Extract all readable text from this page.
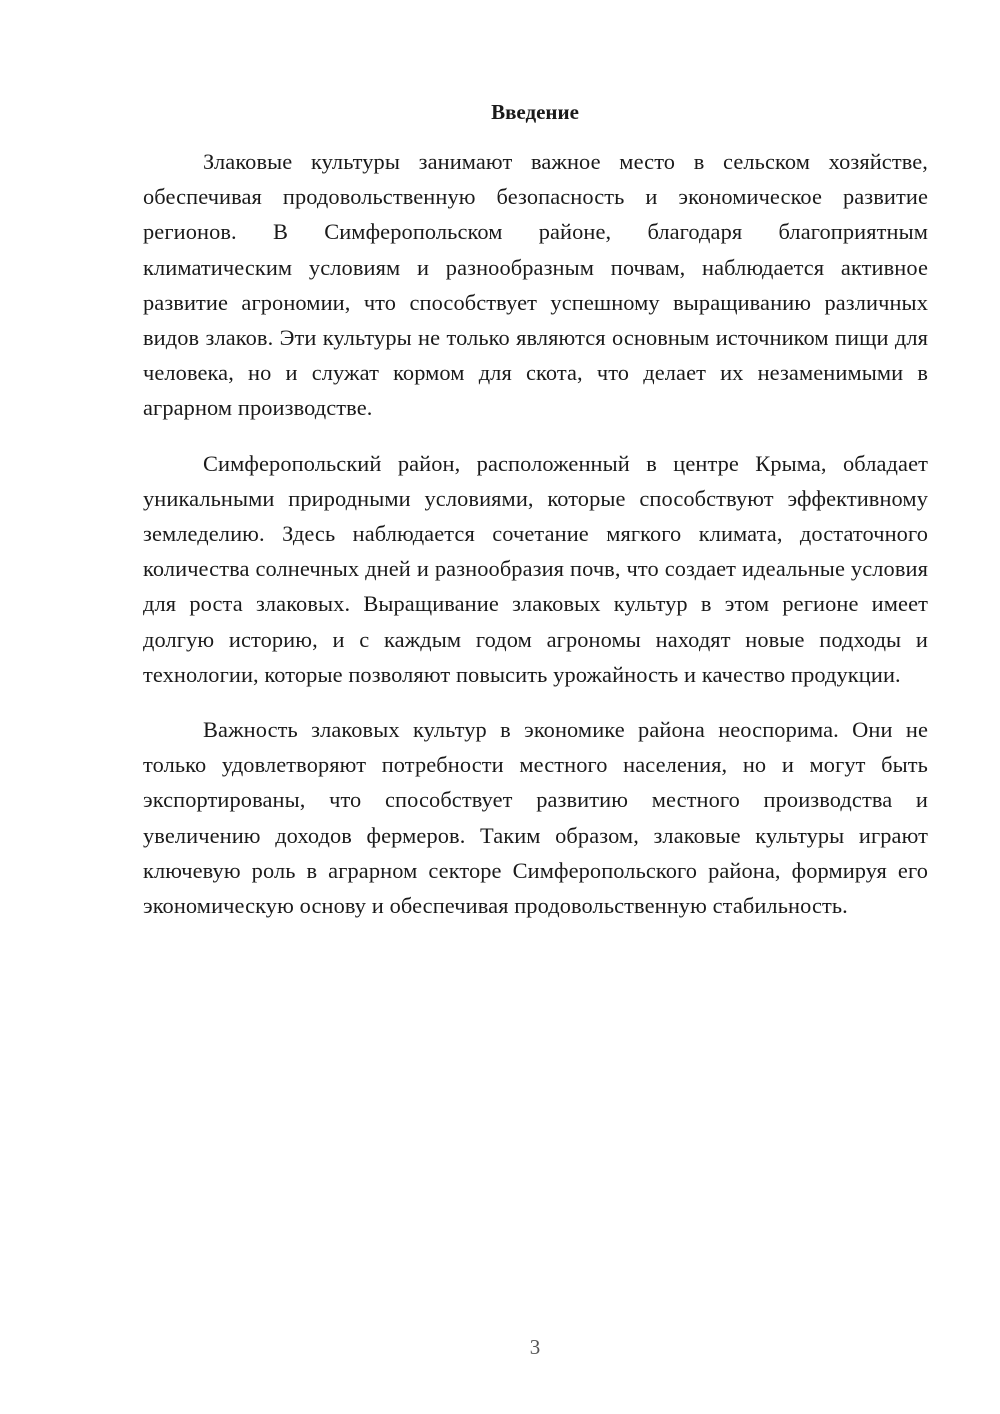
Введение

Злаковые культуры занимают важное место в сельском хозяйстве, обеспечивая продовольственную безопасность и экономическое развитие регионов. В Симферопольском районе, благодаря благоприятным климатическим условиям и разнообразным почвам, наблюдается активное развитие агрономии, что способствует успешному выращиванию различных видов злаков. Эти культуры не только являются основным источником пищи для человека, но и служат кормом для скота, что делает их незаменимыми в аграрном производстве.

Симферопольский район, расположенный в центре Крыма, обладает уникальными природными условиями, которые способствуют эффективному земледелию. Здесь наблюдается сочетание мягкого климата, достаточного количества солнечных дней и разнообразия почв, что создает идеальные условия для роста злаковых. Выращивание злаковых культур в этом регионе имеет долгую историю, и с каждым годом агрономы находят новые подходы и технологии, которые позволяют повысить урожайность и качество продукции.

Важность злаковых культур в экономике района неоспорима. Они не только удовлетворяют потребности местного населения, но и могут быть экспортированы, что способствует развитию местного производства и увеличению доходов фермеров. Таким образом, злаковые культуры играют ключевую роль в аграрном секторе Симферопольского района, формируя его экономическую основу и обеспечивая продовольственную стабильность.

3
